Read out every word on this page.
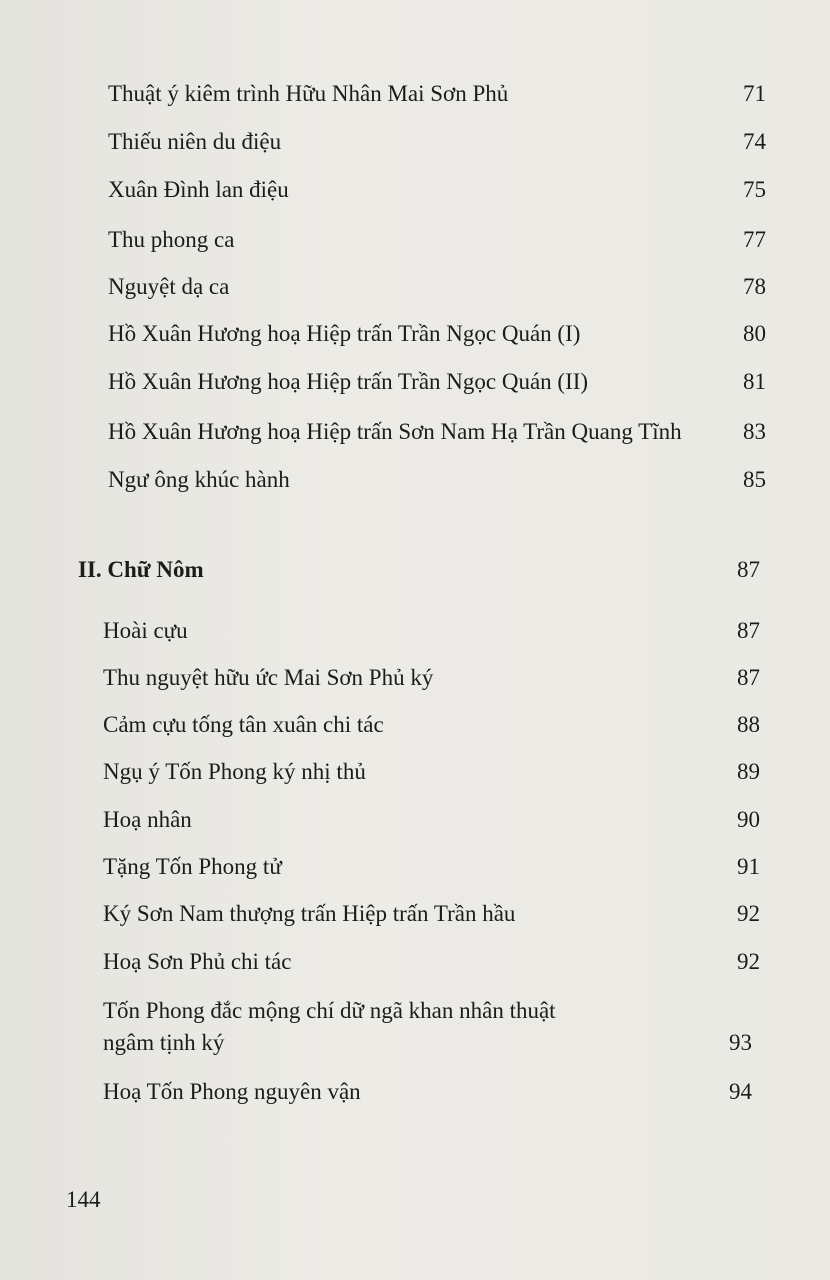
Thuật ý kiêm trình Hữu Nhân Mai Sơn Phủ	71
Thiếu niên du điệu	74
Xuân Đình lan điệu	75
Thu phong ca	77
Nguyệt dạ ca	78
Hồ Xuân Hương hoạ Hiệp trấn Trần Ngọc Quán (I)	80
Hồ Xuân Hương hoạ Hiệp trấn Trần Ngọc Quán (II)	81
Hồ Xuân Hương hoạ Hiệp trấn Sơn Nam Hạ Trần Quang Tĩnh	83
Ngư ông khúc hành	85
II. Chữ Nôm	87
Hoài cựu	87
Thu nguyệt hữu ức Mai Sơn Phủ ký	87
Cảm cựu tống tân xuân chi tác	88
Ngụ ý Tốn Phong ký nhị thủ	89
Hoạ nhân	90
Tặng Tốn Phong tử	91
Ký Sơn Nam thượng trấn Hiệp trấn Trần hầu	92
Hoạ Sơn Phủ chi tác	92
Tốn Phong đắc mộng chí dữ ngã khan nhân thuật
ngâm tịnh ký	93
Hoạ Tốn Phong nguyên vận	94
144
